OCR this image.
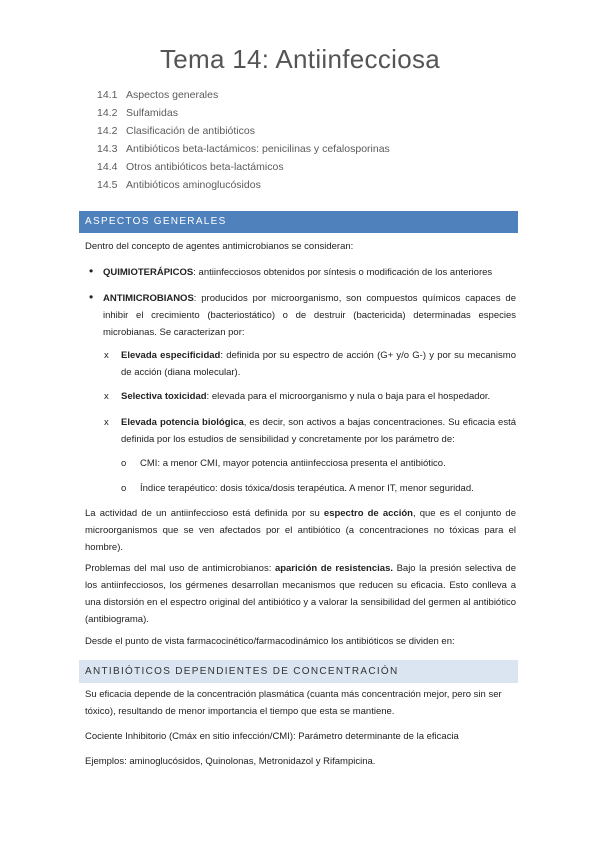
Tema 14: Antiinfecciosa
14.1 Aspectos generales
14.2 Sulfamidas
14.2 Clasificación de antibióticos
14.3 Antibióticos beta-lactámicos: penicilinas y cefalosporinas
14.4 Otros antibióticos beta-lactámicos
14.5 Antibióticos aminoglucósidos
ASPECTOS GENERALES

Dentro del concepto de agentes antimicrobianos se consideran:

• QUIMIOTERÁPICOS: antiinfecciosos obtenidos por síntesis o modificación de los anteriores

• ANTIMICROBIANOS: producidos por microorganismo, son compuestos químicos capaces de inhibir el crecimiento (bacteriostático) o de destruir (bactericida) determinadas especies microbianas. Se caracterizan por:

x Elevada especificidad: definida por su espectro de acción (G+ y/o G-) y por su mecanismo de acción (diana molecular).

x Selectiva toxicidad: elevada para el microorganismo y nula o baja para el hospedador.

x Elevada potencia biológica, es decir, son activos a bajas concentraciones. Su eficacia está definida por los estudios de sensibilidad y concretamente por los parámetro de:

o CMI: a menor CMI, mayor potencia antiinfecciosa presenta el antibiótico.

o Índice terapéutico: dosis tóxica/dosis terapéutica. A menor IT, menor seguridad.

La actividad de un antiinfeccioso está definida por su espectro de acción, que es el conjunto de microorganismos que se ven afectados por el antibiótico (a concentraciones no tóxicas para el hombre).

Problemas del mal uso de antimicrobianos: aparición de resistencias. Bajo la presión selectiva de los antiinfecciosos, los gérmenes desarrollan mecanismos que reducen su eficacia. Esto conlleva a una distorsión en el espectro original del antibiótico y a valorar la sensibilidad del germen al antibiótico (antibiograma).

Desde el punto de vista farmacocinético/farmacodinámico los antibióticos se dividen en:

ANTIBIÓTICOS DEPENDIENTES DE CONCENTRACIÓN

Su eficacia depende de la concentración plasmática (cuanta más concentración mejor, pero sin ser tóxico), resultando de menor importancia el tiempo que esta se mantiene.

Cociente Inhibitorio (Cmáx en sitio infección/CMI): Parámetro determinante de la eficacia

Ejemplos: aminoglucósidos, Quinolonas, Metronidazol y Rifampicina.
